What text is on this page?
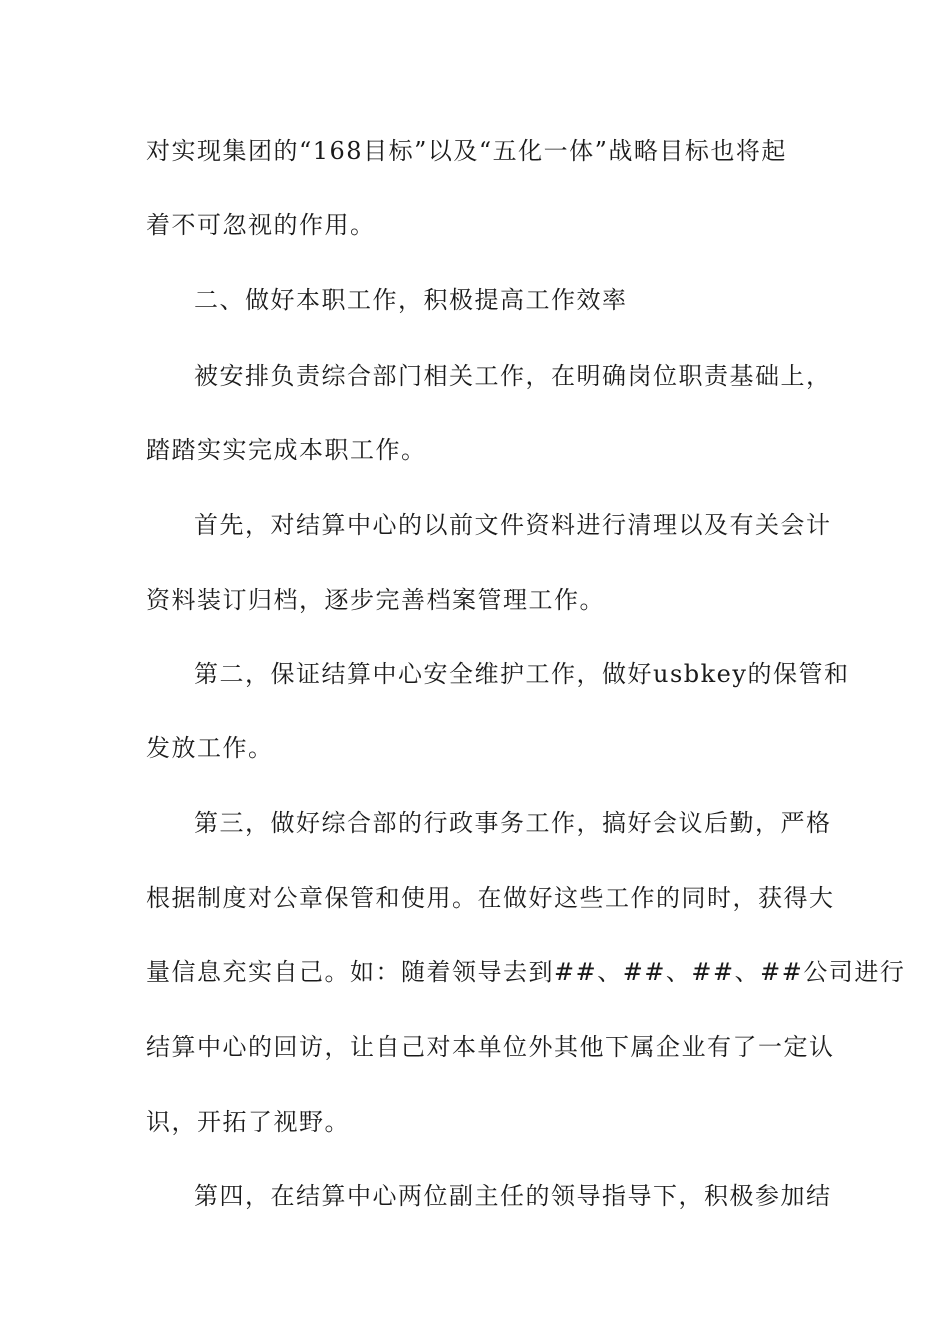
对实现集团的“168目标”以及“五化一体”战略目标也将起
着不可忽视的作用。
二、做好本职工作，积极提高工作效率
被安排负责综合部门相关工作，在明确岗位职责基础上，
踏踏实实完成本职工作。
首先，对结算中心的以前文件资料进行清理以及有关会计
资料装订归档，逐步完善档案管理工作。
第二，保证结算中心安全维护工作，做好usbkey的保管和
发放工作。
第三，做好综合部的行政事务工作，搞好会议后勤，严格
根据制度对公章保管和使用。在做好这些工作的同时，获得大
量信息充实自己。如：随着领导去到##、##、##、##公司进行
结算中心的回访，让自己对本单位外其他下属企业有了一定认
识，开拓了视野。
第四，在结算中心两位副主任的领导指导下，积极参加结
